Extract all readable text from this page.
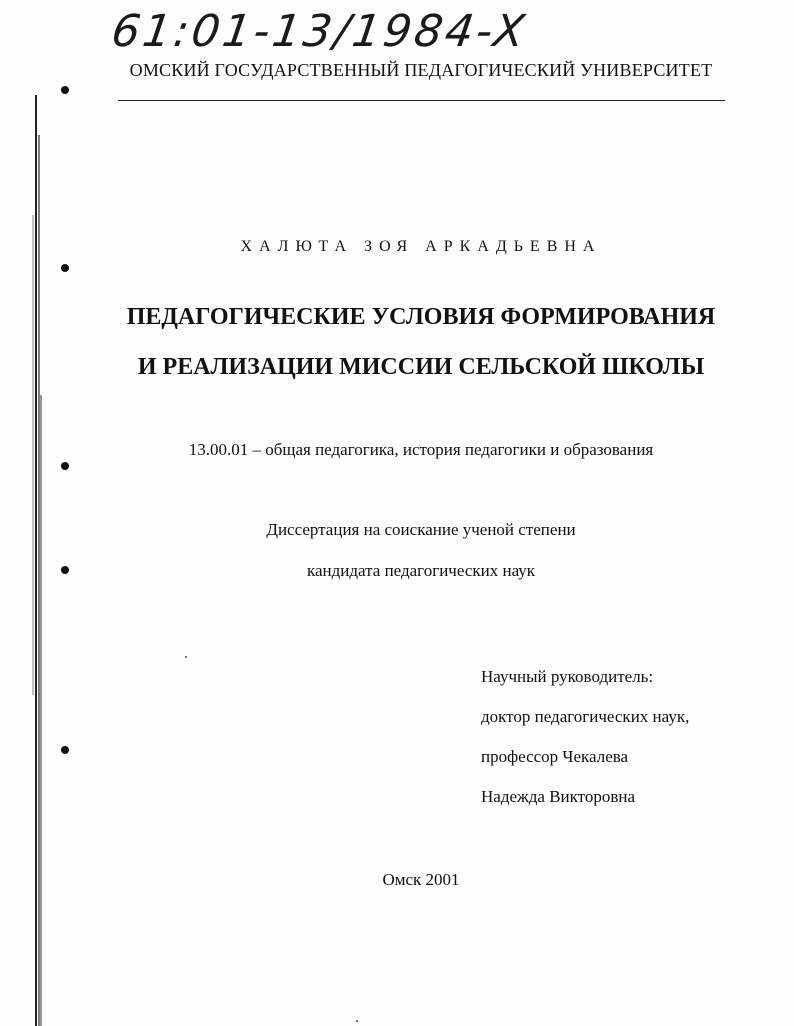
61:01-13/1984-X
ОМСКИЙ ГОСУДАРСТВЕННЫЙ ПЕДАГОГИЧЕСКИЙ УНИВЕРСИТЕТ
ХАЛЮТА ЗОЯ АРКАДЬЕВНА
ПЕДАГОГИЧЕСКИЕ УСЛОВИЯ ФОРМИРОВАНИЯ
И РЕАЛИЗАЦИИ МИССИИ СЕЛЬСКОЙ ШКОЛЫ
13.00.01 – общая педагогика, история педагогики и образования
Диссертация на соискание ученой степени
кандидата педагогических наук
Научный руководитель:
доктор педагогических наук,
профессор Чекалева
Надежда Викторовна
Омск 2001
